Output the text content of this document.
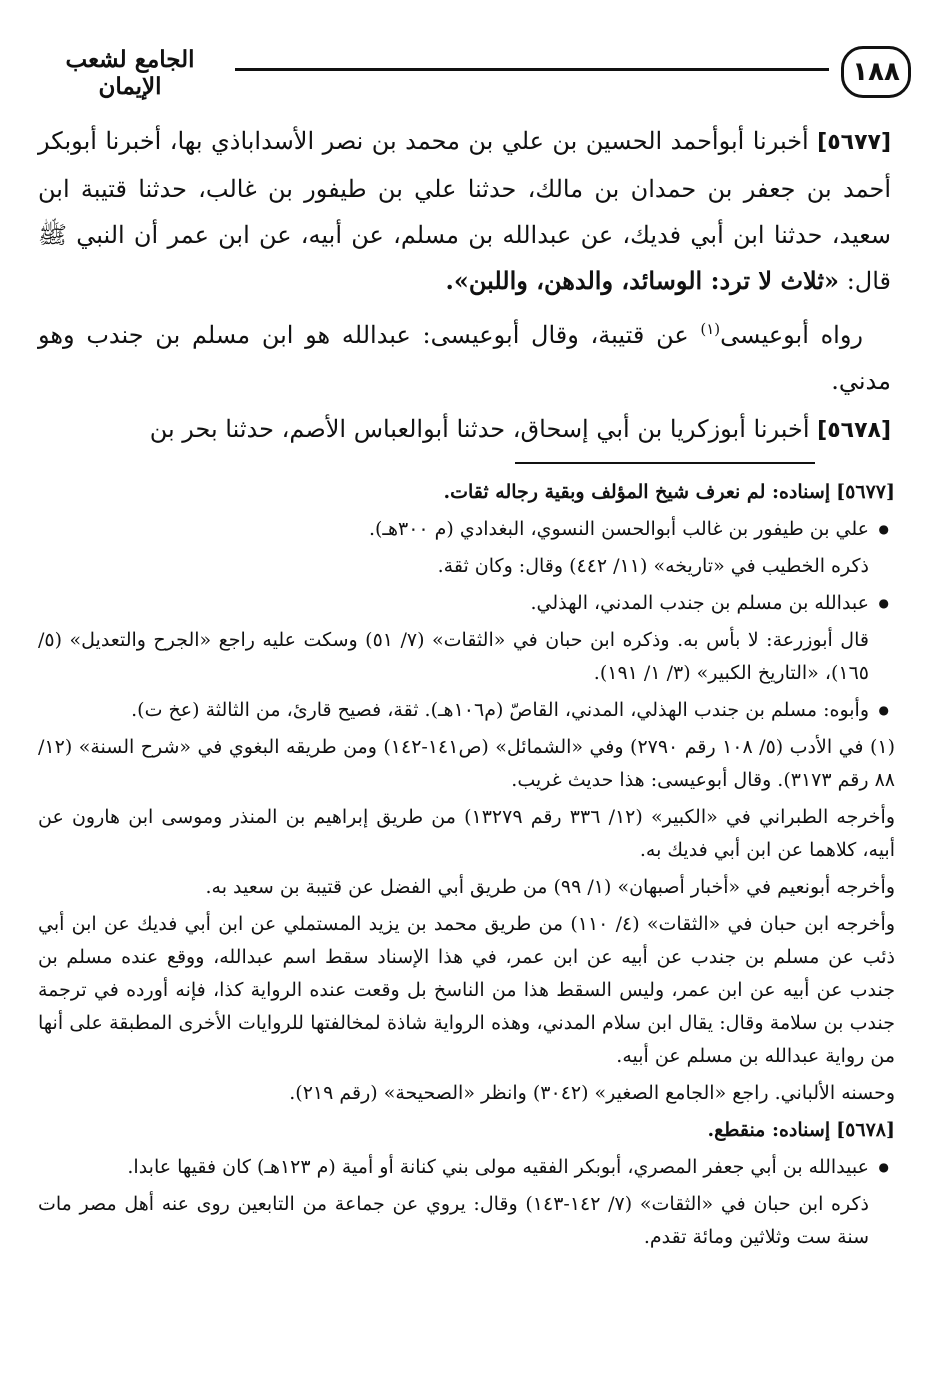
١٨٨
الجامع لشعب الإيمان

[٥٦٧٧] أخبرنا أبوأحمد الحسين بن علي بن محمد بن نصر الأسداباذي بها، أخبرنا أبوبكر أحمد بن جعفر بن حمدان بن مالك، حدثنا علي بن طيفور بن غالب، حدثنا قتيبة ابن سعيد، حدثنا ابن أبي فديك، عن عبدالله بن مسلم، عن أبيه، عن ابن عمر أن النبي ﷺ قال: «ثلاث لا ترد: الوسائد، والدهن، واللبن».

رواه أبوعيسى$^{(١)}$ عن قتيبة، وقال أبوعيسى: عبدالله هو ابن مسلم بن جندب وهو مدني.

[٥٦٧٨] أخبرنا أبوزكريا بن أبي إسحاق، حدثنا أبوالعباس الأصم، حدثنا بحر بن

[٥٦٧٧] إسناده: لم نعرف شيخ المؤلف وبقية رجاله ثقات.

● علي بن طيفور بن غالب أبوالحسن النسوي، البغدادي (م ٣٠٠هـ).

ذكره الخطيب في «تاريخه» (١١/ ٤٤٢) وقال: وكان ثقة.

● عبدالله بن مسلم بن جندب المدني، الهذلي.

قال أبوزرعة: لا بأس به. وذكره ابن حبان في «الثقات» (٧/ ٥١) وسكت عليه راجع «الجرح والتعديل» (٥/ ١٦٥)، «التاريخ الكبير» (٣/ ١/ ١٩١).

● وأبوه: مسلم بن جندب الهذلي، المدني، القاصّ (م١٠٦هـ). ثقة، فصيح قارئ، من الثالثة (عخ ت).

(١) في الأدب (٥/ ١٠٨ رقم ٢٧٩٠) وفي «الشمائل» (ص١٤١-١٤٢) ومن طريقه البغوي في «شرح السنة» (١٢/ ٨٨ رقم ٣١٧٣). وقال أبوعيسى: هذا حديث غريب.

وأخرجه الطبراني في «الكبير» (١٢/ ٣٣٦ رقم ١٣٢٧٩) من طريق إبراهيم بن المنذر وموسى ابن هارون عن أبيه، كلاهما عن ابن أبي فديك به.

وأخرجه أبونعيم في «أخبار أصبهان» (١/ ٩٩) من طريق أبي الفضل عن قتيبة بن سعيد به.

وأخرجه ابن حبان في «الثقات» (٤/ ١١٠) من طريق محمد بن يزيد المستملي عن ابن أبي فديك عن ابن أبي ذئب عن مسلم بن جندب عن أبيه عن ابن عمر، في هذا الإسناد سقط اسم عبدالله، ووقع عنده مسلم بن جندب عن أبيه عن ابن عمر، وليس السقط هذا من الناسخ بل وقعت عنده الرواية كذا، فإنه أورده في ترجمة جندب بن سلامة وقال: يقال ابن سلام المدني، وهذه الرواية شاذة لمخالفتها للروايات الأخرى المطبقة على أنها من رواية عبدالله بن مسلم عن أبيه.

وحسنه الألباني. راجع «الجامع الصغير» (٣٠٤٢) وانظر «الصحيحة» (رقم ٢١٩).

[٥٦٧٨] إسناده: منقطع.

● عبيدالله بن أبي جعفر المصري، أبوبكر الفقيه مولى بني كنانة أو أمية (م ١٢٣هـ) كان فقيها عابدا.

ذكره ابن حبان في «الثقات» (٧/ ١٤٢-١٤٣) وقال: يروي عن جماعة من التابعين روى عنه أهل مصر مات سنة ست وثلاثين ومائة تقدم.
